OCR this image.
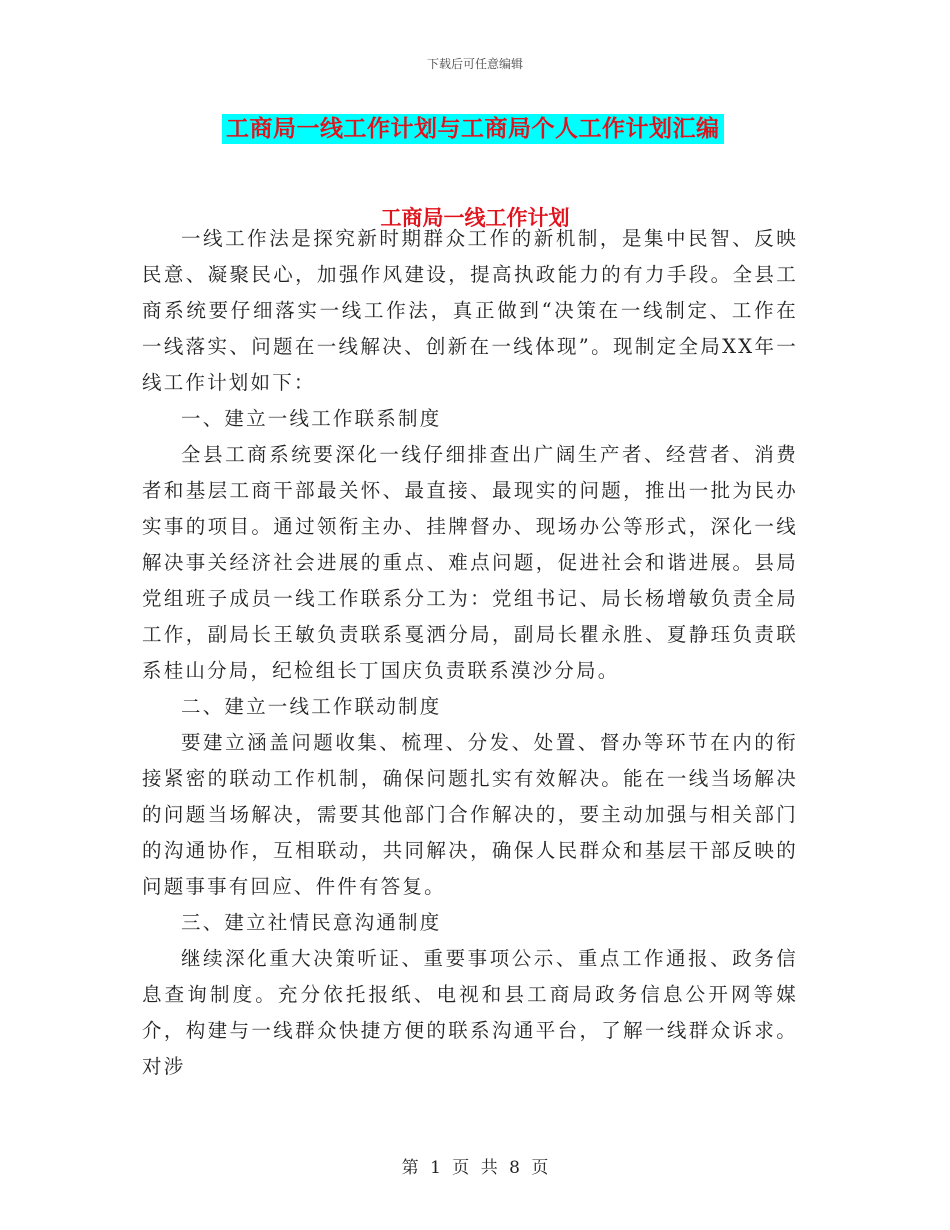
下载后可任意编辑
工商局一线工作计划与工商局个人工作计划汇编
工商局一线工作计划

一线工作法是探究新时期群众工作的新机制，是集中民智、反映民意、凝聚民心，加强作风建设，提高执政能力的有力手段。全县工商系统要仔细落实一线工作法，真正做到“决策在一线制定、工作在一线落实、问题在一线解决、创新在一线体现”。现制定全局XX年一线工作计划如下：

一、建立一线工作联系制度

全县工商系统要深化一线仔细排查出广阔生产者、经营者、消费者和基层工商干部最关怀、最直接、最现实的问题，推出一批为民办实事的项目。通过领衔主办、挂牌督办、现场办公等形式，深化一线解决事关经济社会进展的重点、难点问题，促进社会和谐进展。县局党组班子成员一线工作联系分工为：党组书记、局长杨增敏负责全局工作，副局长王敏负责联系戛洒分局，副局长瞿永胜、夏静珏负责联系桂山分局，纪检组长丁国庆负责联系漠沙分局。

二、建立一线工作联动制度

要建立涵盖问题收集、梳理、分发、处置、督办等环节在内的衔接紧密的联动工作机制，确保问题扎实有效解决。能在一线当场解决的问题当场解决，需要其他部门合作解决的，要主动加强与相关部门的沟通协作，互相联动，共同解决，确保人民群众和基层干部反映的问题事事有回应、件件有答复。

三、建立社情民意沟通制度

继续深化重大决策听证、重要事项公示、重点工作通报、政务信息查询制度。充分依托报纸、电视和县工商局政务信息公开网等媒介，构建与一线群众快捷方便的联系沟通平台，了解一线群众诉求。对涉

第 1 页 共 8 页
